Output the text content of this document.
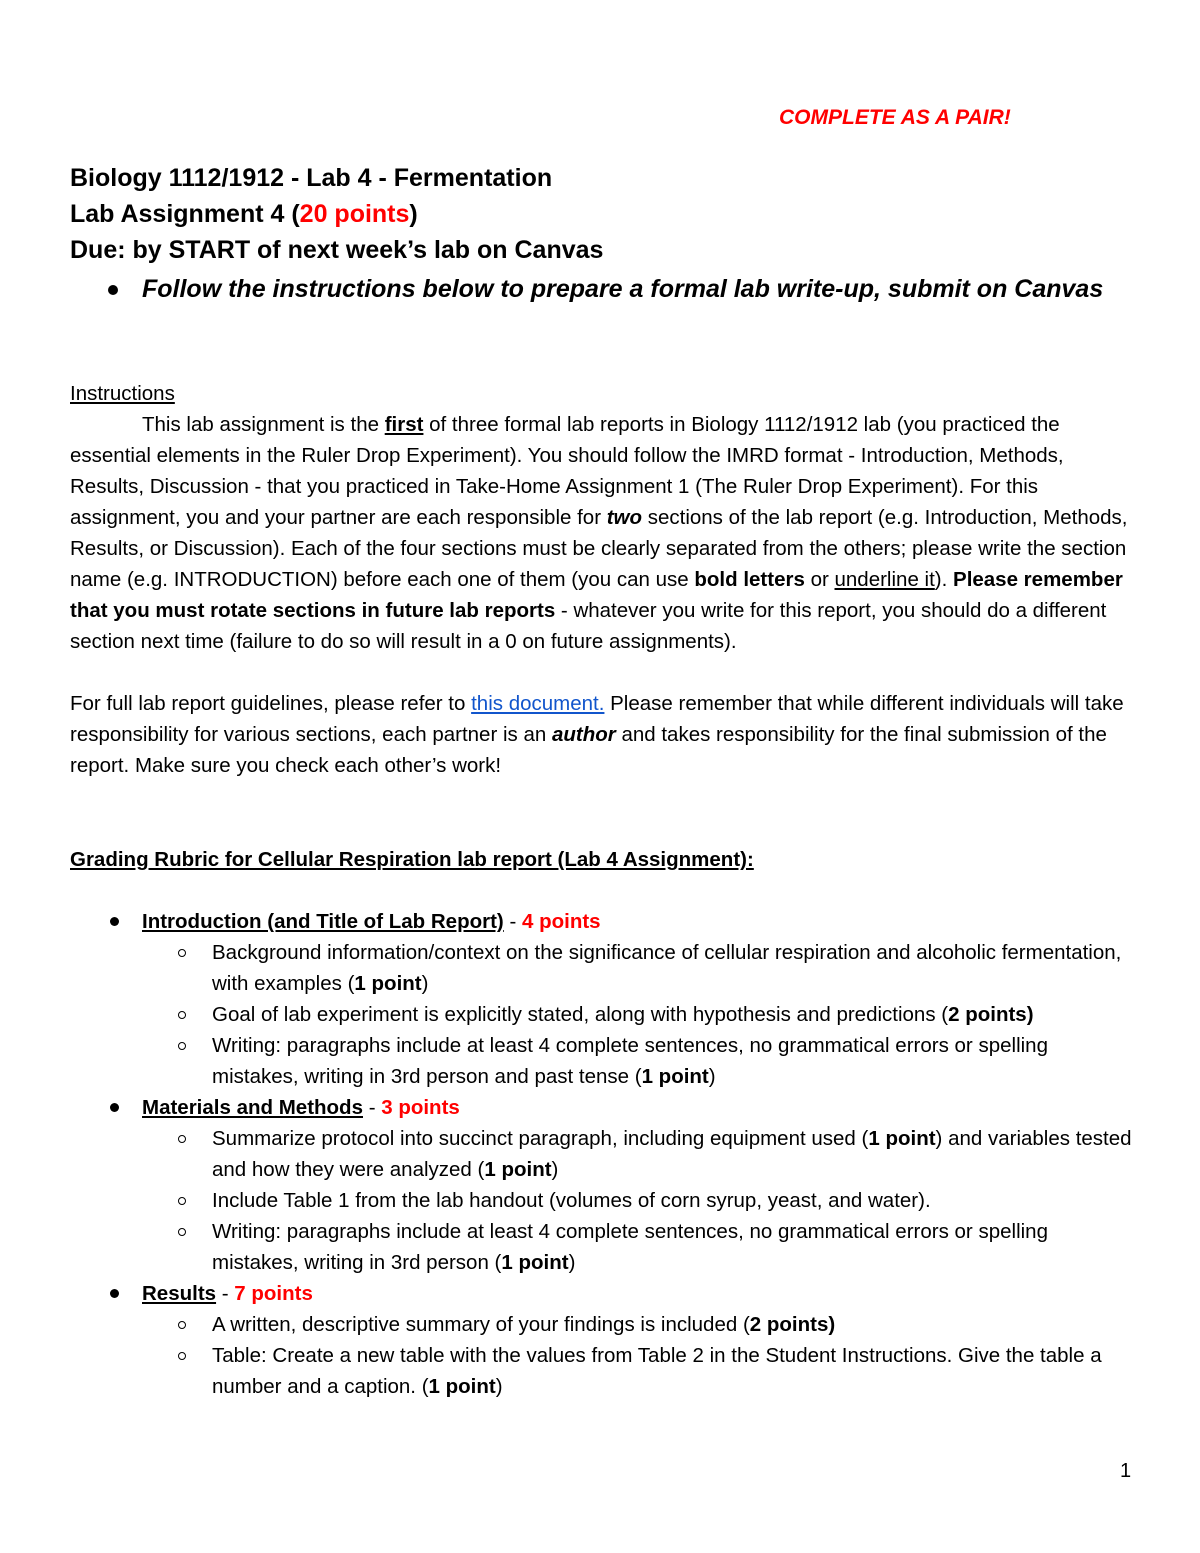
COMPLETE AS A PAIR!
Biology 1112/1912 - Lab 4 - Fermentation
Lab Assignment 4 (20 points)
Due: by START of next week’s lab on Canvas
Follow the instructions below to prepare a formal lab write-up, submit on Canvas
Instructions
This lab assignment is the first of three formal lab reports in Biology 1112/1912 lab (you practiced the essential elements in the Ruler Drop Experiment). You should follow the IMRD format - Introduction, Methods, Results, Discussion - that you practiced in Take-Home Assignment 1 (The Ruler Drop Experiment). For this assignment, you and your partner are each responsible for two sections of the lab report (e.g. Introduction, Methods, Results, or Discussion). Each of the four sections must be clearly separated from the others; please write the section name (e.g. INTRODUCTION) before each one of them (you can use bold letters or underline it). Please remember that you must rotate sections in future lab reports - whatever you write for this report, you should do a different section next time (failure to do so will result in a 0 on future assignments).
For full lab report guidelines, please refer to this document. Please remember that while different individuals will take responsibility for various sections, each partner is an author and takes responsibility for the final submission of the report. Make sure you check each other’s work!
Grading Rubric for Cellular Respiration lab report (Lab 4 Assignment):
Introduction (and Title of Lab Report) - 4 points
Background information/context on the significance of cellular respiration and alcoholic fermentation, with examples (1 point)
Goal of lab experiment is explicitly stated, along with hypothesis and predictions (2 points)
Writing: paragraphs include at least 4 complete sentences, no grammatical errors or spelling mistakes, writing in 3rd person and past tense (1 point)
Materials and Methods - 3 points
Summarize protocol into succinct paragraph, including equipment used (1 point) and variables tested and how they were analyzed (1 point)
Include Table 1 from the lab handout (volumes of corn syrup, yeast, and water).
Writing: paragraphs include at least 4 complete sentences, no grammatical errors or spelling mistakes, writing in 3rd person (1 point)
Results - 7 points
A written, descriptive summary of your findings is included (2 points)
Table: Create a new table with the values from Table 2 in the Student Instructions. Give the table a number and a caption. (1 point)
1
